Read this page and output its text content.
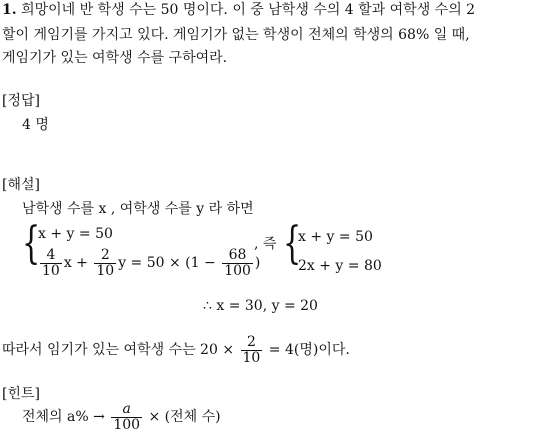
1. 희망이네 반 학생 수는 50 명이다. 이 중 남학생 수의 4 할과 여학생 수의 2
할이 게임기를 가지고 있다. 게임기가 없는 학생이 전체의 학생의 68% 일 때,
게임기가 있는 여학생 수를 구하여라.
[정답]
4 명
[해설]
남학생 수를 x , 여학생 수를 y 라 하면
{
x + y = 50
$\frac{4}{10}$ $x + \frac{2}{10}$ $y = 50 \times (1 - \frac{68}{100}$ )
, 즉 {
x + y = 50
2x + y = 80
∴ x = 30, y = 20
따라서 임기가 있는 여학생 수는 $20 \times \frac{2}{10} = 4$(명)이다.
[힌트]
전체의 $a\% \to \frac{a}{100}$ × (전체 수)
